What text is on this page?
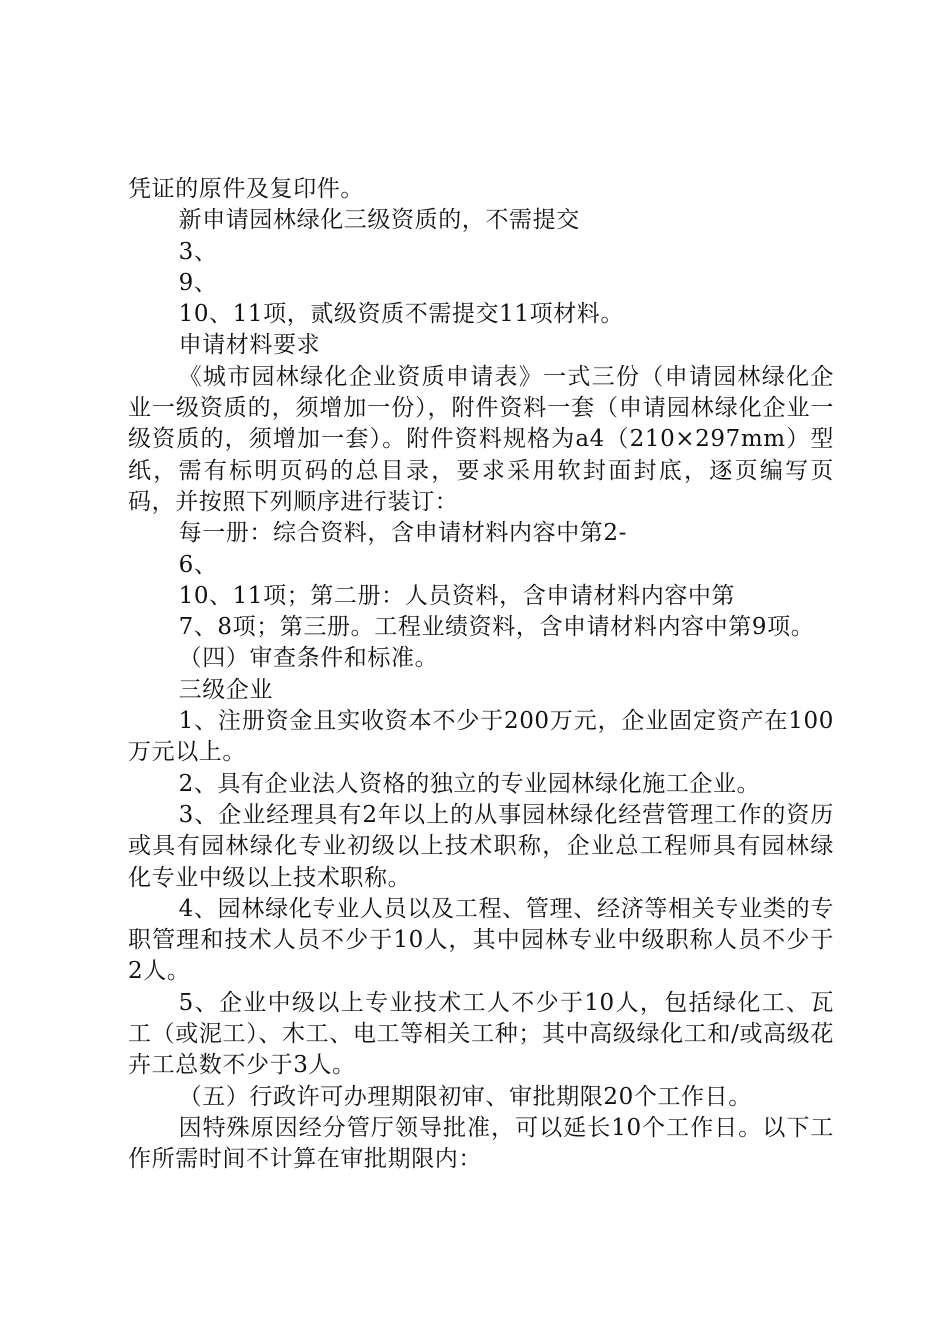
凭证的原件及复印件。

新申请园林绿化三级资质的，不需提交

3、

9、

10、11项，贰级资质不需提交11项材料。

申请材料要求

《城市园林绿化企业资质申请表》一式三份（申请园林绿化企业一级资质的，须增加一份），附件资料一套（申请园林绿化企业一级资质的，须增加一套）。附件资料规格为a4（210×297mm）型纸，需有标明页码的总目录，要求采用软封面封底，逐页编写页码，并按照下列顺序进行装订：

每一册：综合资料，含申请材料内容中第2-

6、

10、11项；第二册：人员资料，含申请材料内容中第

7、8项；第三册。工程业绩资料，含申请材料内容中第9项。

（四）审查条件和标准。

三级企业

1、注册资金且实收资本不少于200万元，企业固定资产在100万元以上。

2、具有企业法人资格的独立的专业园林绿化施工企业。

3、企业经理具有2年以上的从事园林绿化经营管理工作的资历或具有园林绿化专业初级以上技术职称，企业总工程师具有园林绿化专业中级以上技术职称。

4、园林绿化专业人员以及工程、管理、经济等相关专业类的专职管理和技术人员不少于10人，其中园林专业中级职称人员不少于2人。

5、企业中级以上专业技术工人不少于10人，包括绿化工、瓦工（或泥工）、木工、电工等相关工种；其中高级绿化工和/或高级花卉工总数不少于3人。

（五）行政许可办理期限初审、审批期限20个工作日。

因特殊原因经分管厅领导批准，可以延长10个工作日。以下工作所需时间不计算在审批期限内：
